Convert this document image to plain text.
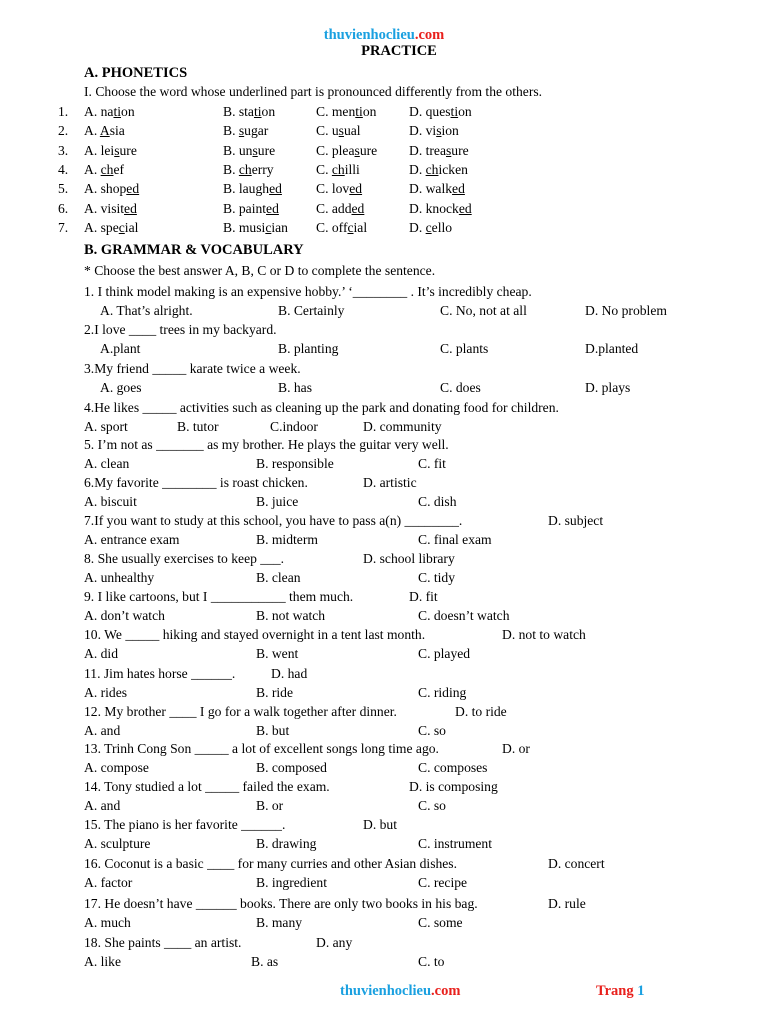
thuvienhoclieu.com
PRACTICE
A. PHONETICS
I. Choose the word whose underlined part is pronounced differently from the others.
1. A. nation	B. station	C. mention D. question
2. A. Asia	B. sugar	C. usual	D. vision
3. A. leisure	B. unsure	C. pleasure D. treasure
4. A. chef	B. cherry	C. chilli	D. chicken
5. A. shoped	B. laughed	C. loved	D. walked
6. A. visited	B. painted	C. added	D. knocked
7. A. special	B. musician C. offcial	D. cello
B. GRAMMAR & VOCABULARY
* Choose the best answer A, B, C or D to complete the sentence.
1. I think model making is an expensive hobby.’ ‘________ . It’s incredibly cheap.
A. That’s alright.	B. Certainly	C. No, not at all	D. No problem
2.I love ____ trees in my backyard.
A.plant	B. planting	C. plants	D.planted
3.My friend _____ karate twice a week.
A. goes	B. has	C. does	D. plays
4.He likes _____ activities such as cleaning up the park and donating food for children.
A. sport	B. tutor	C.indoor	D. community
5. I’m not as _______ as my brother. He plays the guitar very well.
A. clean	B. responsible	C. fit
6.My favorite ________ is roast chicken.	D. artistic
A. biscuit	B. juice	C. dish
7.If you want to study at this school, you have to pass a(n) ________.	D. subject
A. entrance exam	B. midterm	C. final exam
8. She usually exercises to keep ___.	D. school library
A. unhealthy	B. clean	C. tidy
9. I like cartoons, but I ___________ them much.	D. fit
A. don’t watch	B. not watch	C. doesn’t watch
10. We _____ hiking and stayed overnight in a tent last month.	D. not to watch
A. did	B. went	C. played
11. Jim hates horse ______.	D. had
A. rides	B. ride	C. riding
12. My brother ____ I go for a walk together after dinner.	D. to ride
A. and	B. but	C. so
13. Trinh Cong Son _____ a lot of excellent songs long time ago.	D. or
A. compose	B. composed	C. composes
14. Tony studied a lot _____ failed the exam.	D. is composing
A. and	B. or	C. so
15. The piano is her favorite ______.	D. but
A. sculpture	B. drawing	C. instrument
16. Coconut is a basic ____ for many curries and other Asian dishes.	D. concert
A. factor	B. ingredient	C. recipe
17. He doesn’t have ______ books. There are only two books in his bag.	D. rule
A. much	B. many	C. some
18. She paints ____ an artist.	D. any
A. like	B. as	C. to
thuvienhoclieu.com	Trang 1
